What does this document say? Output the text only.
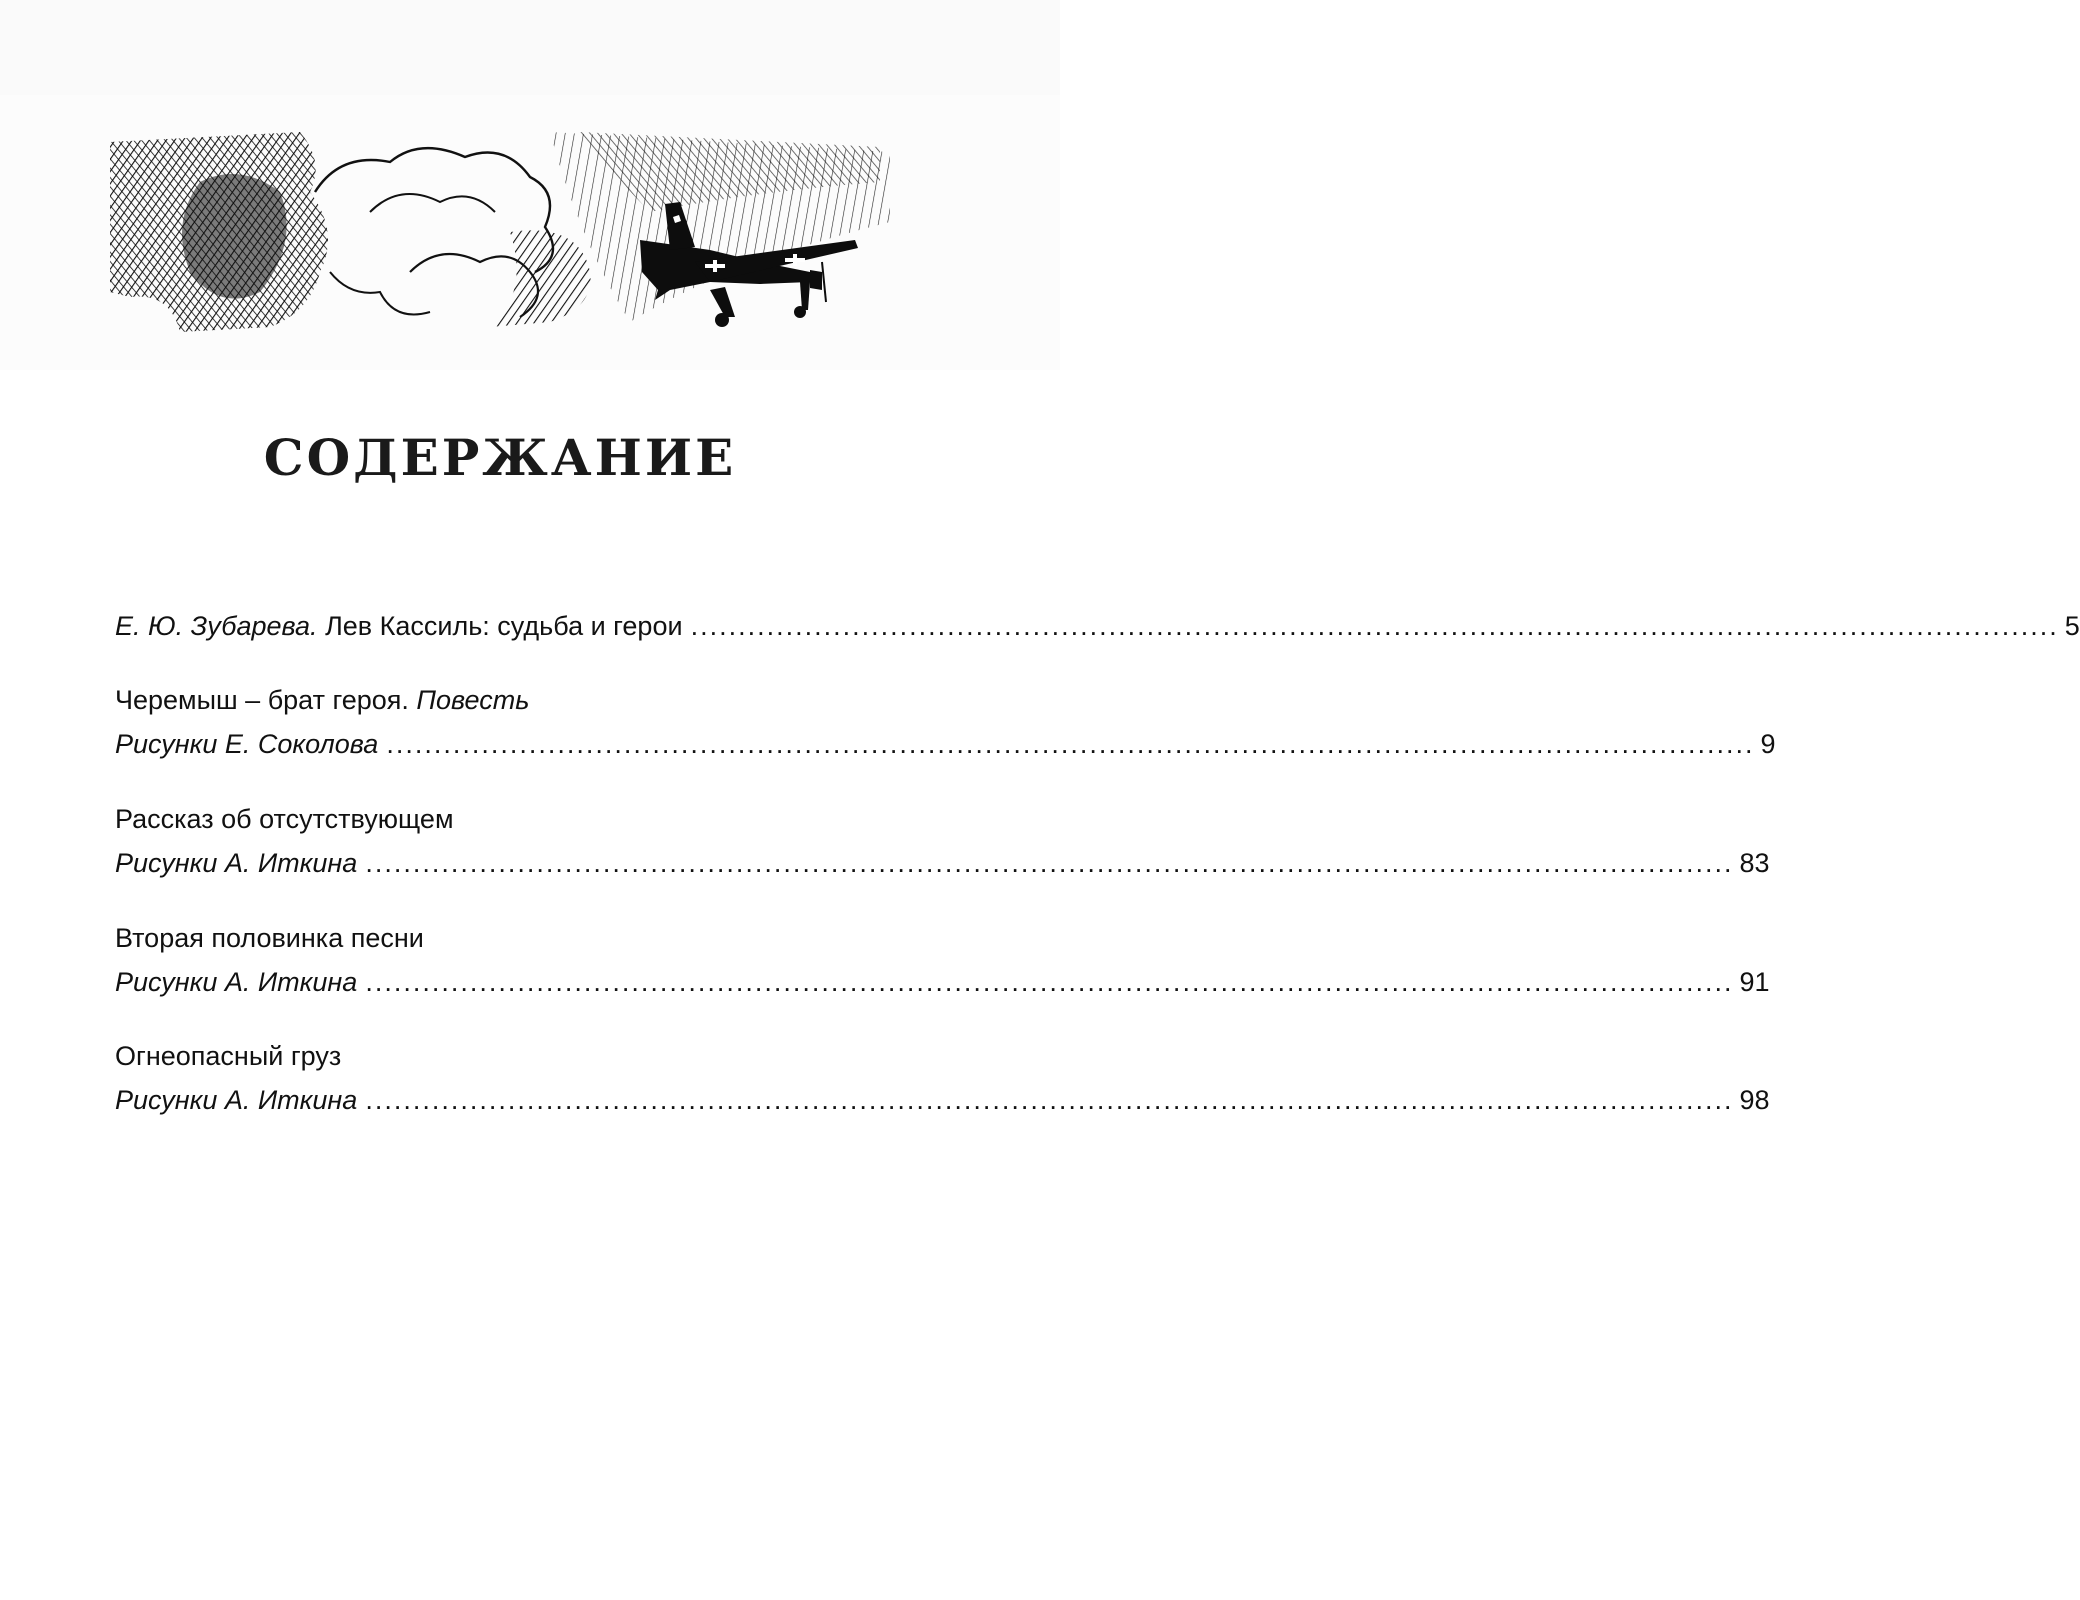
СОДЕРЖАНИЕ
Е. Ю. Зубарева.
Лев Кассиль: судьба и герои ................................................................................................................................................ 5
Черемыш – брат героя.
Повесть
Рисунки Е. Соколова ................................................................................................................................................ 9
Рассказ об отсутствующем
Рисунки А. Иткина ................................................................................................................................................ 83
Вторая половинка песни
Рисунки А. Иткина ................................................................................................................................................ 91
Огнеопасный груз
Рисунки А. Иткина ................................................................................................................................................ 98
